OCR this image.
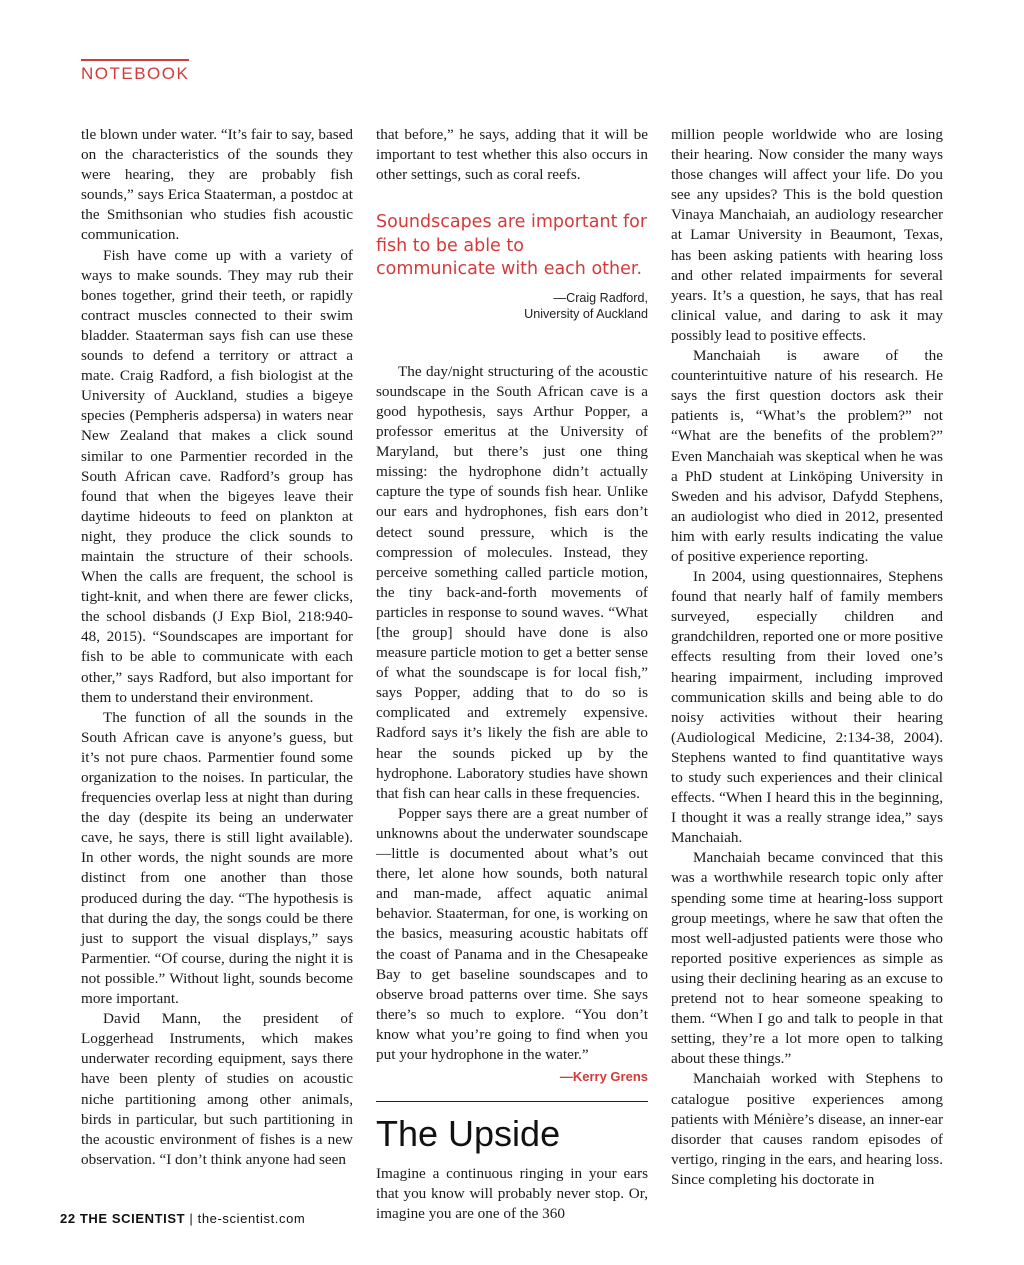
NOTEBOOK

tle blown under water. “It’s fair to say, based on the characteristics of the sounds they were hearing, they are probably fish sounds,” says Erica Staaterman, a postdoc at the Smithsonian who studies fish acoustic communication.

Fish have come up with a variety of ways to make sounds. They may rub their bones together, grind their teeth, or rapidly contract muscles connected to their swim bladder. Staaterman says fish can use these sounds to defend a territory or attract a mate. Craig Radford, a fish biologist at the University of Auckland, studies a bigeye species (Pempheris adspersa) in waters near New Zealand that makes a click sound similar to one Parmentier recorded in the South African cave. Radford’s group has found that when the bigeyes leave their daytime hideouts to feed on plankton at night, they produce the click sounds to maintain the structure of their schools. When the calls are frequent, the school is tight-knit, and when there are fewer clicks, the school disbands (J Exp Biol, 218:940-48, 2015). “Soundscapes are important for fish to be able to communicate with each other,” says Radford, but also important for them to understand their environment.

The function of all the sounds in the South African cave is anyone’s guess, but it’s not pure chaos. Parmentier found some organization to the noises. In particular, the frequencies overlap less at night than during the day (despite its being an underwater cave, he says, there is still light available). In other words, the night sounds are more distinct from one another than those produced during the day. “The hypothesis is that during the day, the songs could be there just to support the visual displays,” says Parmentier. “Of course, during the night it is not possible.” Without light, sounds become more important.

David Mann, the president of Loggerhead Instruments, which makes underwater recording equipment, says there have been plenty of studies on acoustic niche partitioning among other animals, birds in particular, but such partitioning in the acoustic environment of fishes is a new observation. “I don’t think anyone had seen

that before,” he says, adding that it will be important to test whether this also occurs in other settings, such as coral reefs.

Soundscapes are important for fish to be able to communicate with each other.
—Craig Radford,
University of Auckland

The day/night structuring of the acoustic soundscape in the South African cave is a good hypothesis, says Arthur Popper, a professor emeritus at the University of Maryland, but there’s just one thing missing: the hydrophone didn’t actually capture the type of sounds fish hear. Unlike our ears and hydrophones, fish ears don’t detect sound pressure, which is the compression of molecules. Instead, they perceive something called particle motion, the tiny back-and-forth movements of particles in response to sound waves. “What [the group] should have done is also measure particle motion to get a better sense of what the soundscape is for local fish,” says Popper, adding that to do so is complicated and extremely expensive. Radford says it’s likely the fish are able to hear the sounds picked up by the hydrophone. Laboratory studies have shown that fish can hear calls in these frequencies.

Popper says there are a great number of unknowns about the underwater soundscape—little is documented about what’s out there, let alone how sounds, both natural and man-made, affect aquatic animal behavior. Staaterman, for one, is working on the basics, measuring acoustic habitats off the coast of Panama and in the Chesapeake Bay to get baseline soundscapes and to observe broad patterns over time. She says there’s so much to explore. “You don’t know what you’re going to find when you put your hydrophone in the water.”

—Kerry Grens
The Upside

Imagine a continuous ringing in your ears that you know will probably never stop. Or, imagine you are one of the 360

million people worldwide who are losing their hearing. Now consider the many ways those changes will affect your life. Do you see any upsides? This is the bold question Vinaya Manchaiah, an audiology researcher at Lamar University in Beaumont, Texas, has been asking patients with hearing loss and other related impairments for several years. It’s a question, he says, that has real clinical value, and daring to ask it may possibly lead to positive effects.

Manchaiah is aware of the counterintuitive nature of his research. He says the first question doctors ask their patients is, “What’s the problem?” not “What are the benefits of the problem?” Even Manchaiah was skeptical when he was a PhD student at Linköping University in Sweden and his advisor, Dafydd Stephens, an audiologist who died in 2012, presented him with early results indicating the value of positive experience reporting.

In 2004, using questionnaires, Stephens found that nearly half of family members surveyed, especially children and grandchildren, reported one or more positive effects resulting from their loved one’s hearing impairment, including improved communication skills and being able to do noisy activities without their hearing (Audiological Medicine, 2:134-38, 2004). Stephens wanted to find quantitative ways to study such experiences and their clinical effects. “When I heard this in the beginning, I thought it was a really strange idea,” says Manchaiah.

Manchaiah became convinced that this was a worthwhile research topic only after spending some time at hearing-loss support group meetings, where he saw that often the most well-adjusted patients were those who reported positive experiences as simple as using their declining hearing as an excuse to pretend not to hear someone speaking to them. “When I go and talk to people in that setting, they’re a lot more open to talking about these things.”

Manchaiah worked with Stephens to catalogue positive experiences among patients with Ménière’s disease, an inner-ear disorder that causes random episodes of vertigo, ringing in the ears, and hearing loss. Since completing his doctorate in

22 THE SCIENTIST | the-scientist.com
